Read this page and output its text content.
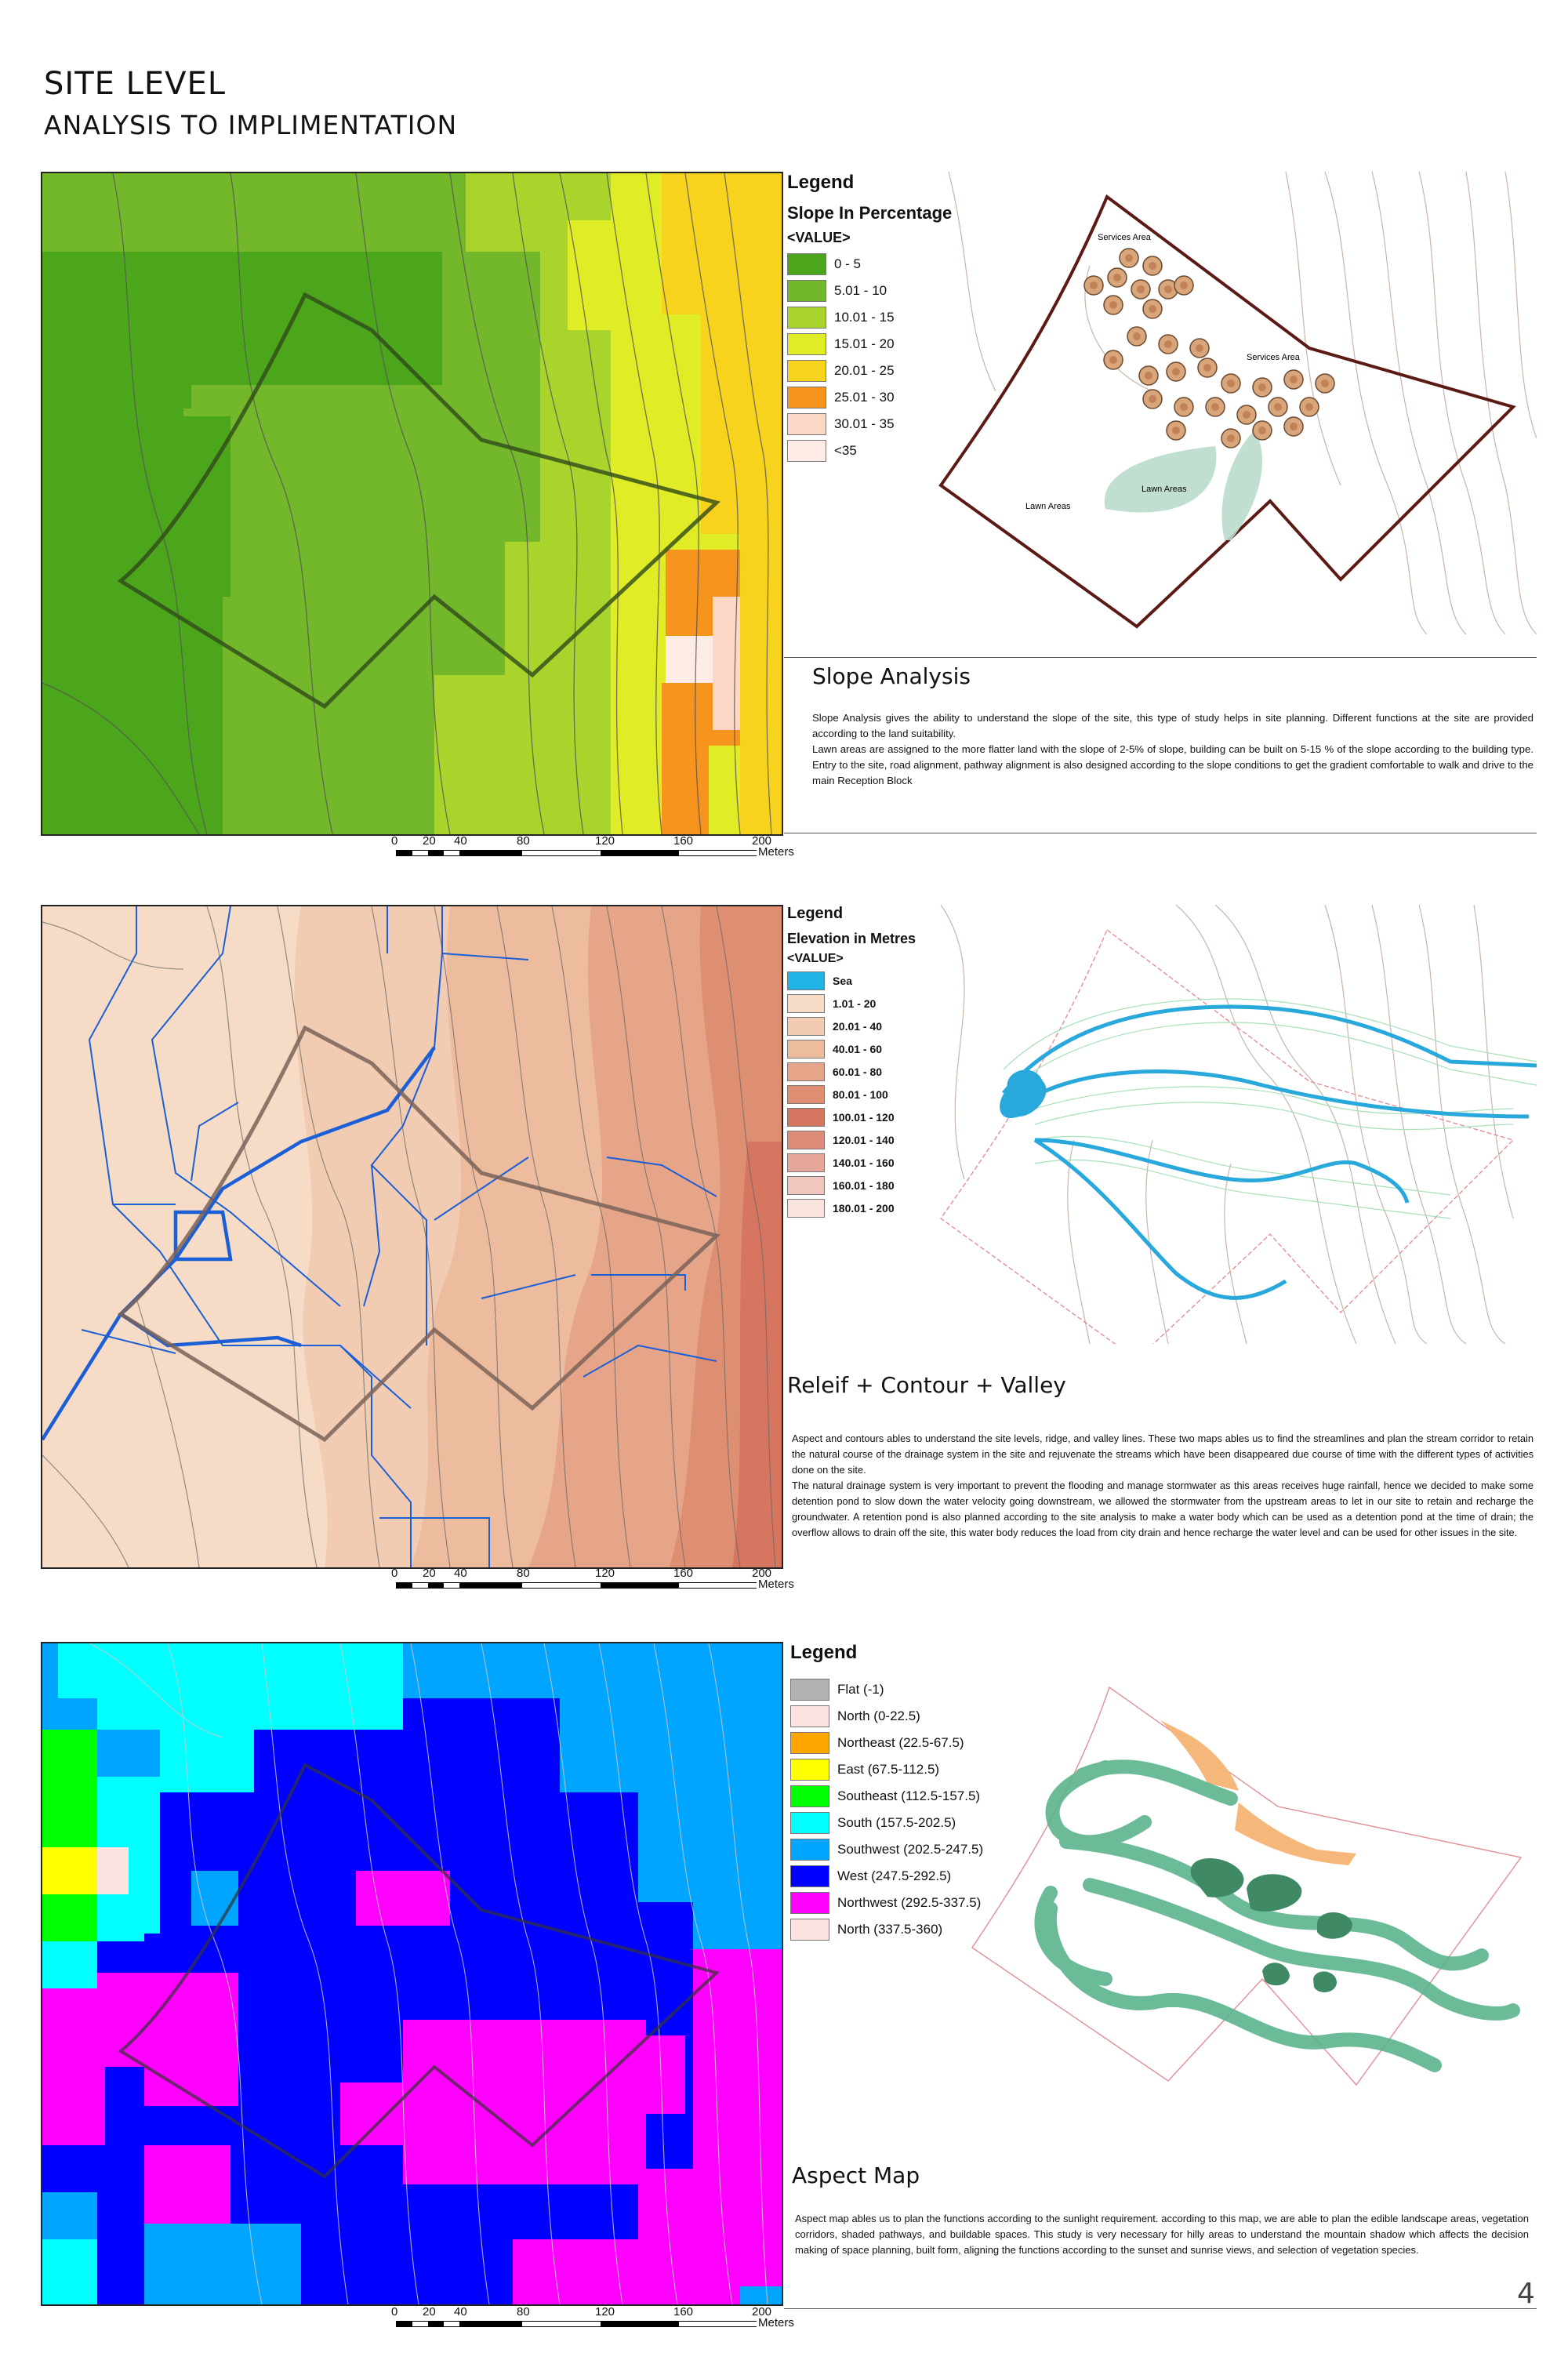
SITE LEVEL
ANALYSIS TO IMPLIMENTATION
Legend
Slope In Percentage
<VALUE>
0 - 5
5.01 - 10
10.01 - 15
15.01 - 20
20.01 - 25
25.01 - 30
30.01 - 35
<35
Services Area
Services Area
Lawn Areas
Lawn Areas
Slope Analysis
Slope Analysis gives the ability to understand the slope of the site, this type of study helps in site planning. Different functions at the site are provided according to the land suitability.
Lawn areas are assigned to the more flatter land with the slope of 2-5% of slope, building can be built on 5-15 % of the slope according to the building type. Entry to the site, road alignment, pathway alignment is also designed according to the slope conditions to get the gradient comfortable to walk and drive to the main Reception Block
0 20 40	80	120	160	200
Meters
Legend
Elevation in Metres
<VALUE>
Sea
1.01 - 20
20.01 - 40
40.01 - 60
60.01 - 80
80.01 - 100
100.01 - 120
120.01 - 140
140.01 - 160
160.01 - 180
180.01 - 200
Releif + Contour + Valley
Aspect and contours ables to understand the site levels, ridge, and valley lines. These two maps ables us to find the streamlines and plan the stream corridor to retain the natural course of the drainage system in the site and rejuvenate the streams which have been disappeared due course of time with the different types of activities done on the site.
The natural drainage system is very important to prevent the flooding and manage stormwater as this areas receives huge rainfall, hence we decided to make some detention pond to slow down the water velocity going downstream, we allowed the stormwater from the upstream areas to let in our site to retain and recharge the groundwater. A retention pond is also planned according to the site analysis to make a water body which can be used as a detention pond at the time of drain; the overflow allows to drain off the site, this water body reduces the load from city drain and hence recharge the water level and can be used for other issues in the site.
0 20 40	80	120	160	200
Meters
Legend
Flat (-1)
North (0-22.5)
Northeast (22.5-67.5)
East (67.5-112.5)
Southeast (112.5-157.5)
South (157.5-202.5)
Southwest (202.5-247.5)
West (247.5-292.5)
Northwest (292.5-337.5)
North (337.5-360)
Aspect Map
Aspect map ables us to plan the functions according to the sunlight requirement. according to this map, we are able to plan the edible landscape areas, vegetation corridors, shaded pathways, and buildable spaces. This study is very necessary for hilly areas to understand the mountain shadow which affects the decision making of space planning, built form, aligning the functions according to the sunset and sunrise views, and selection of vegetation species.
0 20 40	80	120	160	200
Meters
4
